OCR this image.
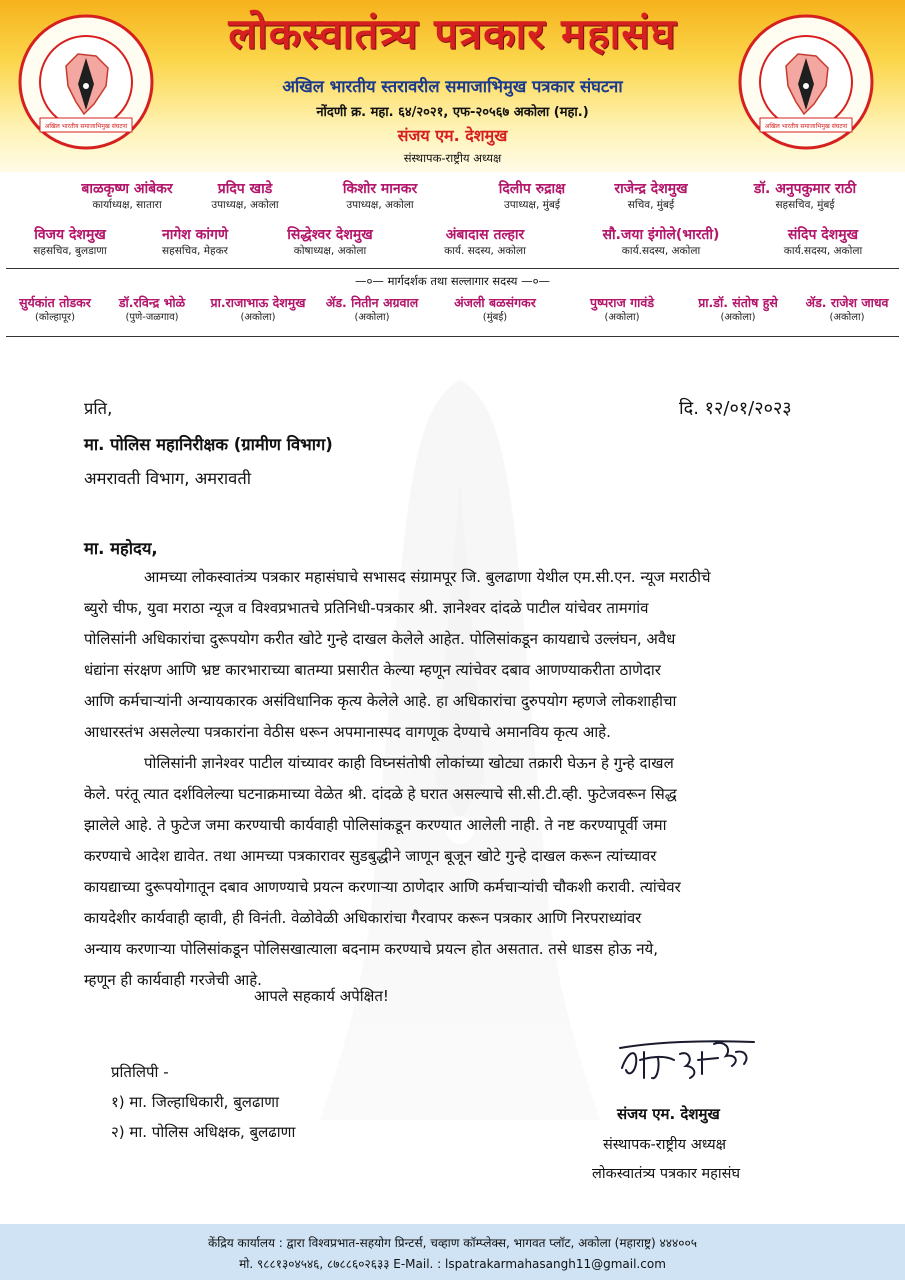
अखिल भारतीय समाजाभिमुख संघटना	अखिल भारतीय समाजाभिमुख संघटना
लोकस्वातंत्र्य पत्रकार महासंघ
अखिल भारतीय स्तरावरील समाजाभिमुख पत्रकार संघटना
नोंदणी क्र. महा. ६४/२०२१, एफ-२०५६७ अकोला (महा.)
संजय एम. देशमुख
संस्थापक-राष्ट्रीय अध्यक्ष
बाळकृष्ण आंबेकर
कार्याध्यक्ष, सातारा
प्रदिप खाडे
उपाध्यक्ष, अकोला
किशोर मानकर
उपाध्यक्ष, अकोला
दिलीप रुद्राक्ष
उपाध्यक्ष, मुंबई
राजेन्द्र देशमुख
सचिव, मुंबई
डॉ. अनुपकुमार राठी
सहसचिव, मुंबई
विजय देशमुख
सहसचिव, बुलडाणा
नागेश कांगणे
सहसचिव, मेहकर
सिद्धेश्वर देशमुख
कोषाध्यक्ष, अकोला
अंबादास तल्हार
कार्य. सदस्य, अकोला
सौ.जया इंगोले(भारती)
कार्य.सदस्य, अकोला
संदिप देशमुख
कार्य.सदस्य, अकोला
—०— मार्गदर्शक तथा सल्लागार सदस्य —०—
सुर्यकांत तोडकर
(कोल्हापूर)
डॉ.रविन्द्र भोळे
(पुणे-जळगाव)
प्रा.राजाभाऊ देशमुख
(अकोला)
ॲड. नितीन अग्रवाल
(अकोला)
अंजली बळसंगकर
(मुंबई)
पुष्पराज गावंडे
(अकोला)
प्रा.डॉ. संतोष हुसे
(अकोला)
ॲड. राजेश जाधव
(अकोला)
प्रति,	दि. १२/०१/२०२३
मा. पोलिस महानिरीक्षक (ग्रामीण विभाग)
अमरावती विभाग, अमरावती
मा. महोदय,
आमच्या लोकस्वातंत्र्य पत्रकार महासंघाचे सभासद संग्रामपूर जि. बुलढाणा येथील एम.सी.एन. न्यूज मराठीचे
ब्युरो चीफ, युवा मराठा न्यूज व विश्वप्रभातचे प्रतिनिधी-पत्रकार श्री. ज्ञानेश्वर दांदळे पाटील यांचेवर तामगांव
पोलिसांनी अधिकारांचा दुरूपयोग करीत खोटे गुन्हे दाखल केलेले आहेत. पोलिसांकडून कायद्याचे उल्लंघन, अवैध
धंद्यांना संरक्षण आणि भ्रष्ट कारभाराच्या बातम्या प्रसारीत केल्या म्हणून त्यांचेवर दबाव आणण्याकरीता ठाणेदार
आणि कर्मचाऱ्यांनी अन्यायकारक असंविधानिक कृत्य केलेले आहे. हा अधिकारांचा दुरुपयोग म्हणजे लोकशाहीचा
आधारस्तंभ असलेल्या पत्रकारांना वेठीस धरून अपमानास्पद वागणूक देण्याचे अमानविय कृत्य आहे.
पोलिसांनी ज्ञानेश्वर पाटील यांच्यावर काही विघ्नसंतोषी लोकांच्या खोट्या तक्रारी घेऊन हे गुन्हे दाखल
केले. परंतू त्यात दर्शविलेल्या घटनाक्रमाच्या वेळेत श्री. दांदळे हे घरात असल्याचे सी.सी.टी.व्ही. फुटेजवरून सिद्ध
झालेले आहे. ते फुटेज जमा करण्याची कार्यवाही पोलिसांकडून करण्यात आलेली नाही. ते नष्ट करण्यापूर्वी जमा
करण्याचे आदेश द्यावेत. तथा आमच्या पत्रकारावर सुडबुद्धीने जाणून बूजून खोटे गुन्हे दाखल करून त्यांच्यावर
कायद्याच्या दुरूपयोगातून दबाव आणण्याचे प्रयत्न करणाऱ्या ठाणेदार आणि कर्मचाऱ्यांची चौकशी करावी. त्यांचेवर
कायदेशीर कार्यवाही व्हावी, ही विनंती. वेळोवेळी अधिकारांचा गैरवापर करून पत्रकार आणि निरपराध्यांवर
अन्याय करणाऱ्या पोलिसांकडून पोलिसखात्याला बदनाम करण्याचे प्रयत्न होत असतात. तसे धाडस होऊ नये,
म्हणून ही कार्यवाही गरजेची आहे.
आपले सहकार्य अपेक्षित!
प्रतिलिपी -
१) मा. जिल्हाधिकारी, बुलढाणा
२) मा. पोलिस अधिक्षक, बुलढाणा
संजय एम. देशमुख
संस्थापक-राष्ट्रीय अध्यक्ष
लोकस्वातंत्र्य पत्रकार महासंघ
केंद्रिय कार्यालय : द्वारा विश्वप्रभात-सहयोग प्रिन्टर्स, चव्हाण कॉम्प्लेक्स, भागवत प्लॉट, अकोला (महाराष्ट्र) ४४४००५
मो. ९८८१३०४५४६, ८७८८६०२६३३ E-Mail. : lspatrakarmahasangh11@gmail.com
